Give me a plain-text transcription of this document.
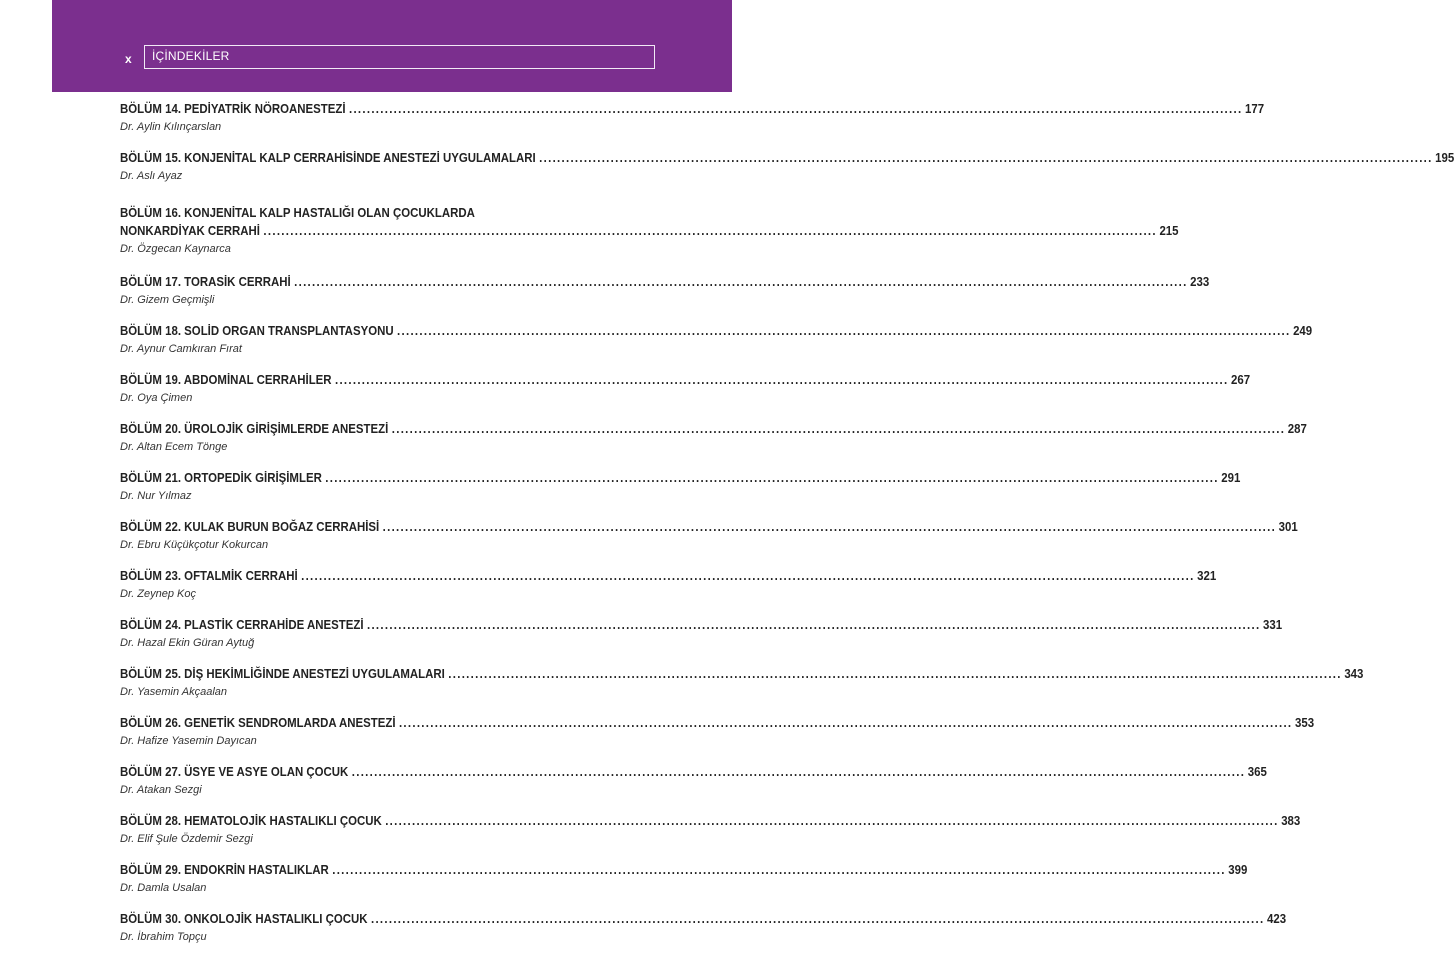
x İÇİNDEKİLER
BÖLÜM 14. PEDİYATRİK NÖROANESTEZİ ........................................................................................................................................................................................................ 177
Dr. Aylin Kılınçarslan
BÖLÜM 15. KONJENİTAL KALP CERRAHİSİNDE ANESTEZİ UYGULAMALARI ........................................................................................................................................................................................................ 195
Dr. Aslı Ayaz
BÖLÜM 16. KONJENİTAL KALP HASTALIĞI OLAN ÇOCUKLARDA
NONKARDİYAK CERRAHİ ........................................................................................................................................................................................................ 215
Dr. Özgecan Kaynarca
BÖLÜM 17. TORASİK CERRAHİ ........................................................................................................................................................................................................ 233
Dr. Gizem Geçmişli
BÖLÜM 18. SOLİD ORGAN TRANSPLANTASYONU ........................................................................................................................................................................................................ 249
Dr. Aynur Camkıran Fırat
BÖLÜM 19. ABDOMİNAL CERRAHİLER ........................................................................................................................................................................................................ 267
Dr. Oya Çimen
BÖLÜM 20. ÜROLOJİK GİRİŞİMLERDE ANESTEZİ ........................................................................................................................................................................................................ 287
Dr. Altan Ecem Tönge
BÖLÜM 21. ORTOPEDİK GİRİŞİMLER ........................................................................................................................................................................................................ 291
Dr. Nur Yılmaz
BÖLÜM 22. KULAK BURUN BOĞAZ CERRAHİSİ ........................................................................................................................................................................................................ 301
Dr. Ebru Küçükçotur Kokurcan
BÖLÜM 23. OFTALMİK CERRAHİ ........................................................................................................................................................................................................ 321
Dr. Zeynep Koç
BÖLÜM 24. PLASTİK CERRAHİDE ANESTEZİ ........................................................................................................................................................................................................ 331
Dr. Hazal Ekin Güran Aytuğ
BÖLÜM 25. DİŞ HEKİMLİĞİNDE ANESTEZİ UYGULAMALARI ........................................................................................................................................................................................................ 343
Dr. Yasemin Akçaalan
BÖLÜM 26. GENETİK SENDROMLARDA ANESTEZİ ........................................................................................................................................................................................................ 353
Dr. Hafize Yasemin Dayıcan
BÖLÜM 27. ÜSYE VE ASYE OLAN ÇOCUK ........................................................................................................................................................................................................ 365
Dr. Atakan Sezgi
BÖLÜM 28. HEMATOLOJİK HASTALIKLI ÇOCUK ........................................................................................................................................................................................................ 383
Dr. Elif Şule Özdemir Sezgi
BÖLÜM 29. ENDOKRİN HASTALIKLAR ........................................................................................................................................................................................................ 399
Dr. Damla Usalan
BÖLÜM 30. ONKOLOJİK HASTALIKLI ÇOCUK ........................................................................................................................................................................................................ 423
Dr. İbrahim Topçu
